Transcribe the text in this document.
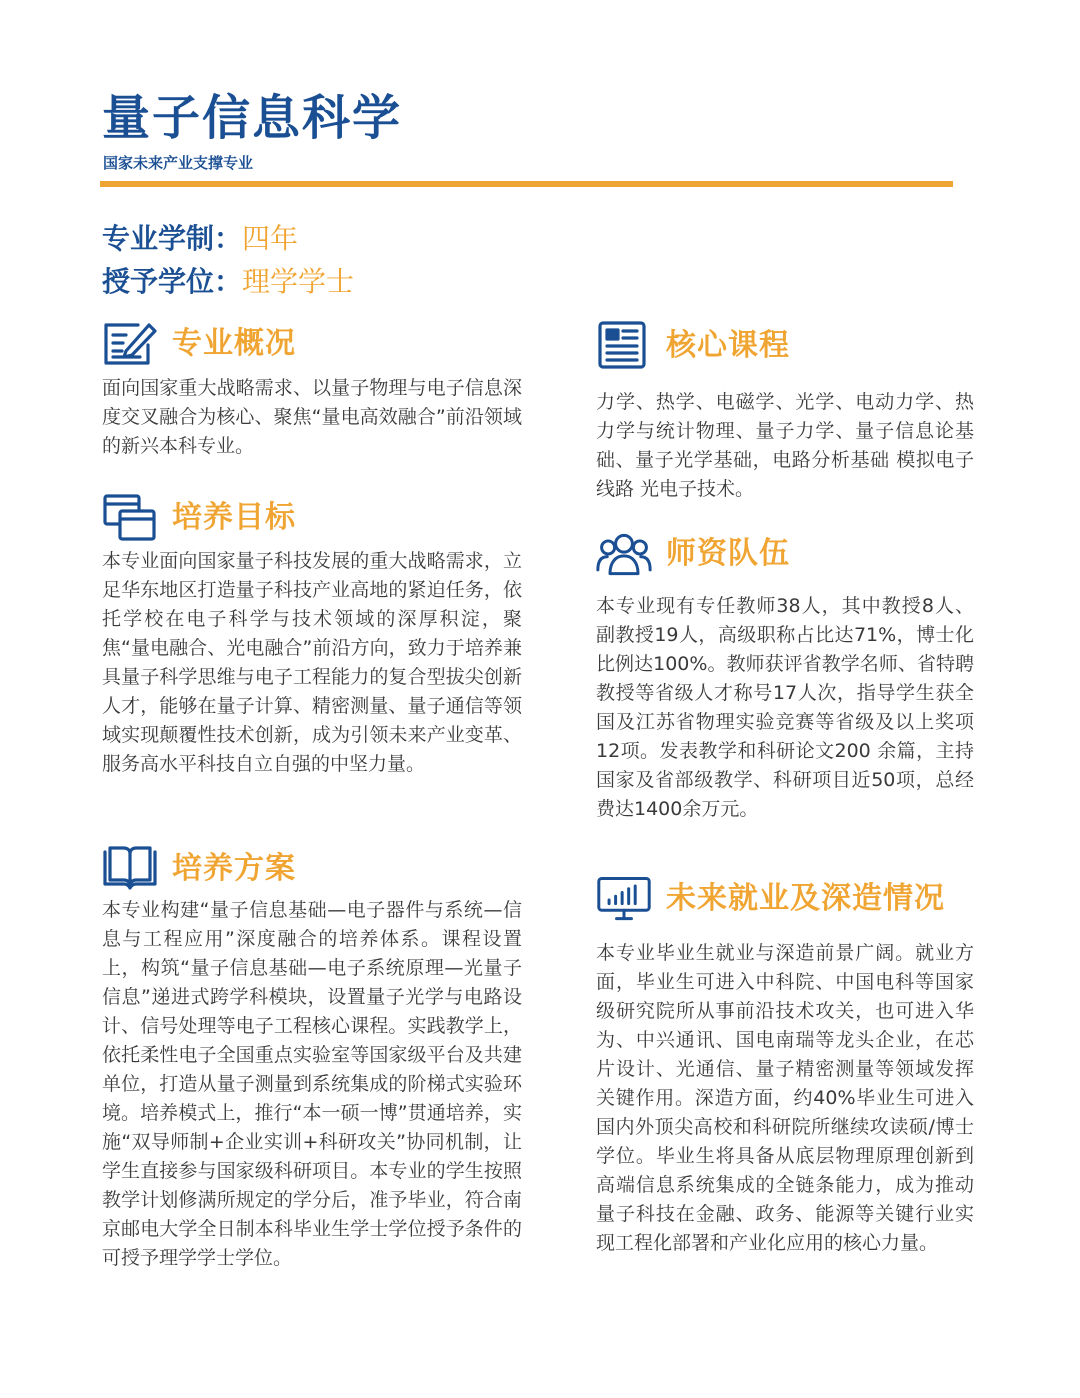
量子信息科学
国家未来产业支撑专业
专业学制：四年
授予学位：理学学士
专业概况

面向国家重大战略需求、以量子物理与电子信息深度交叉融合为核心、聚焦“量电高效融合”前沿领域的新兴本科专业。

培养目标

本专业面向国家量子科技发展的重大战略需求，立足华东地区打造量子科技产业高地的紧迫任务，依托学校在电子科学与技术领域的深厚积淀，聚焦“量电融合、光电融合”前沿方向，致力于培养兼具量子科学思维与电子工程能力的复合型拔尖创新人才，能够在量子计算、精密测量、量子通信等领域实现颠覆性技术创新，成为引领未来产业变革、服务高水平科技自立自强的中坚力量。

培养方案

本专业构建“量子信息基础—电子器件与系统—信息与工程应用”深度融合的培养体系。课程设置上，构筑“量子信息基础—电子系统原理—光量子信息”递进式跨学科模块，设置量子光学与电路设计、信号处理等电子工程核心课程。实践教学上，依托柔性电子全国重点实验室等国家级平台及共建单位，打造从量子测量到系统集成的阶梯式实验环境。培养模式上，推行“本一硕一博”贯通培养，实施“双导师制+企业实训+科研攻关”协同机制，让学生直接参与国家级科研项目。本专业的学生按照教学计划修满所规定的学分后，准予毕业，符合南京邮电大学全日制本科毕业生学士学位授予条件的可授予理学学士学位。

核心课程

力学、热学、电磁学、光学、电动力学、热力学与统计物理、量子力学、量子信息论基础、量子光学基础，电路分析基础 模拟电子线路 光电子技术。

师资队伍

本专业现有专任教师38人，其中教授8人、副教授19人，高级职称占比达71%，博士化比例达100%。教师获评省教学名师、省特聘教授等省级人才称号17人次，指导学生获全国及江苏省物理实验竞赛等省级及以上奖项12项。发表教学和科研论文200 余篇，主持国家及省部级教学、科研项目近50项，总经费达1400余万元。

未来就业及深造情况

本专业毕业生就业与深造前景广阔。就业方面，毕业生可进入中科院、中国电科等国家级研究院所从事前沿技术攻关，也可进入华为、中兴通讯、国电南瑞等龙头企业，在芯片设计、光通信、量子精密测量等领域发挥关键作用。深造方面，约40%毕业生可进入国内外顶尖高校和科研院所继续攻读硕/博士学位。毕业生将具备从底层物理原理创新到高端信息系统集成的全链条能力，成为推动量子科技在金融、政务、能源等关键行业实现工程化部署和产业化应用的核心力量。
